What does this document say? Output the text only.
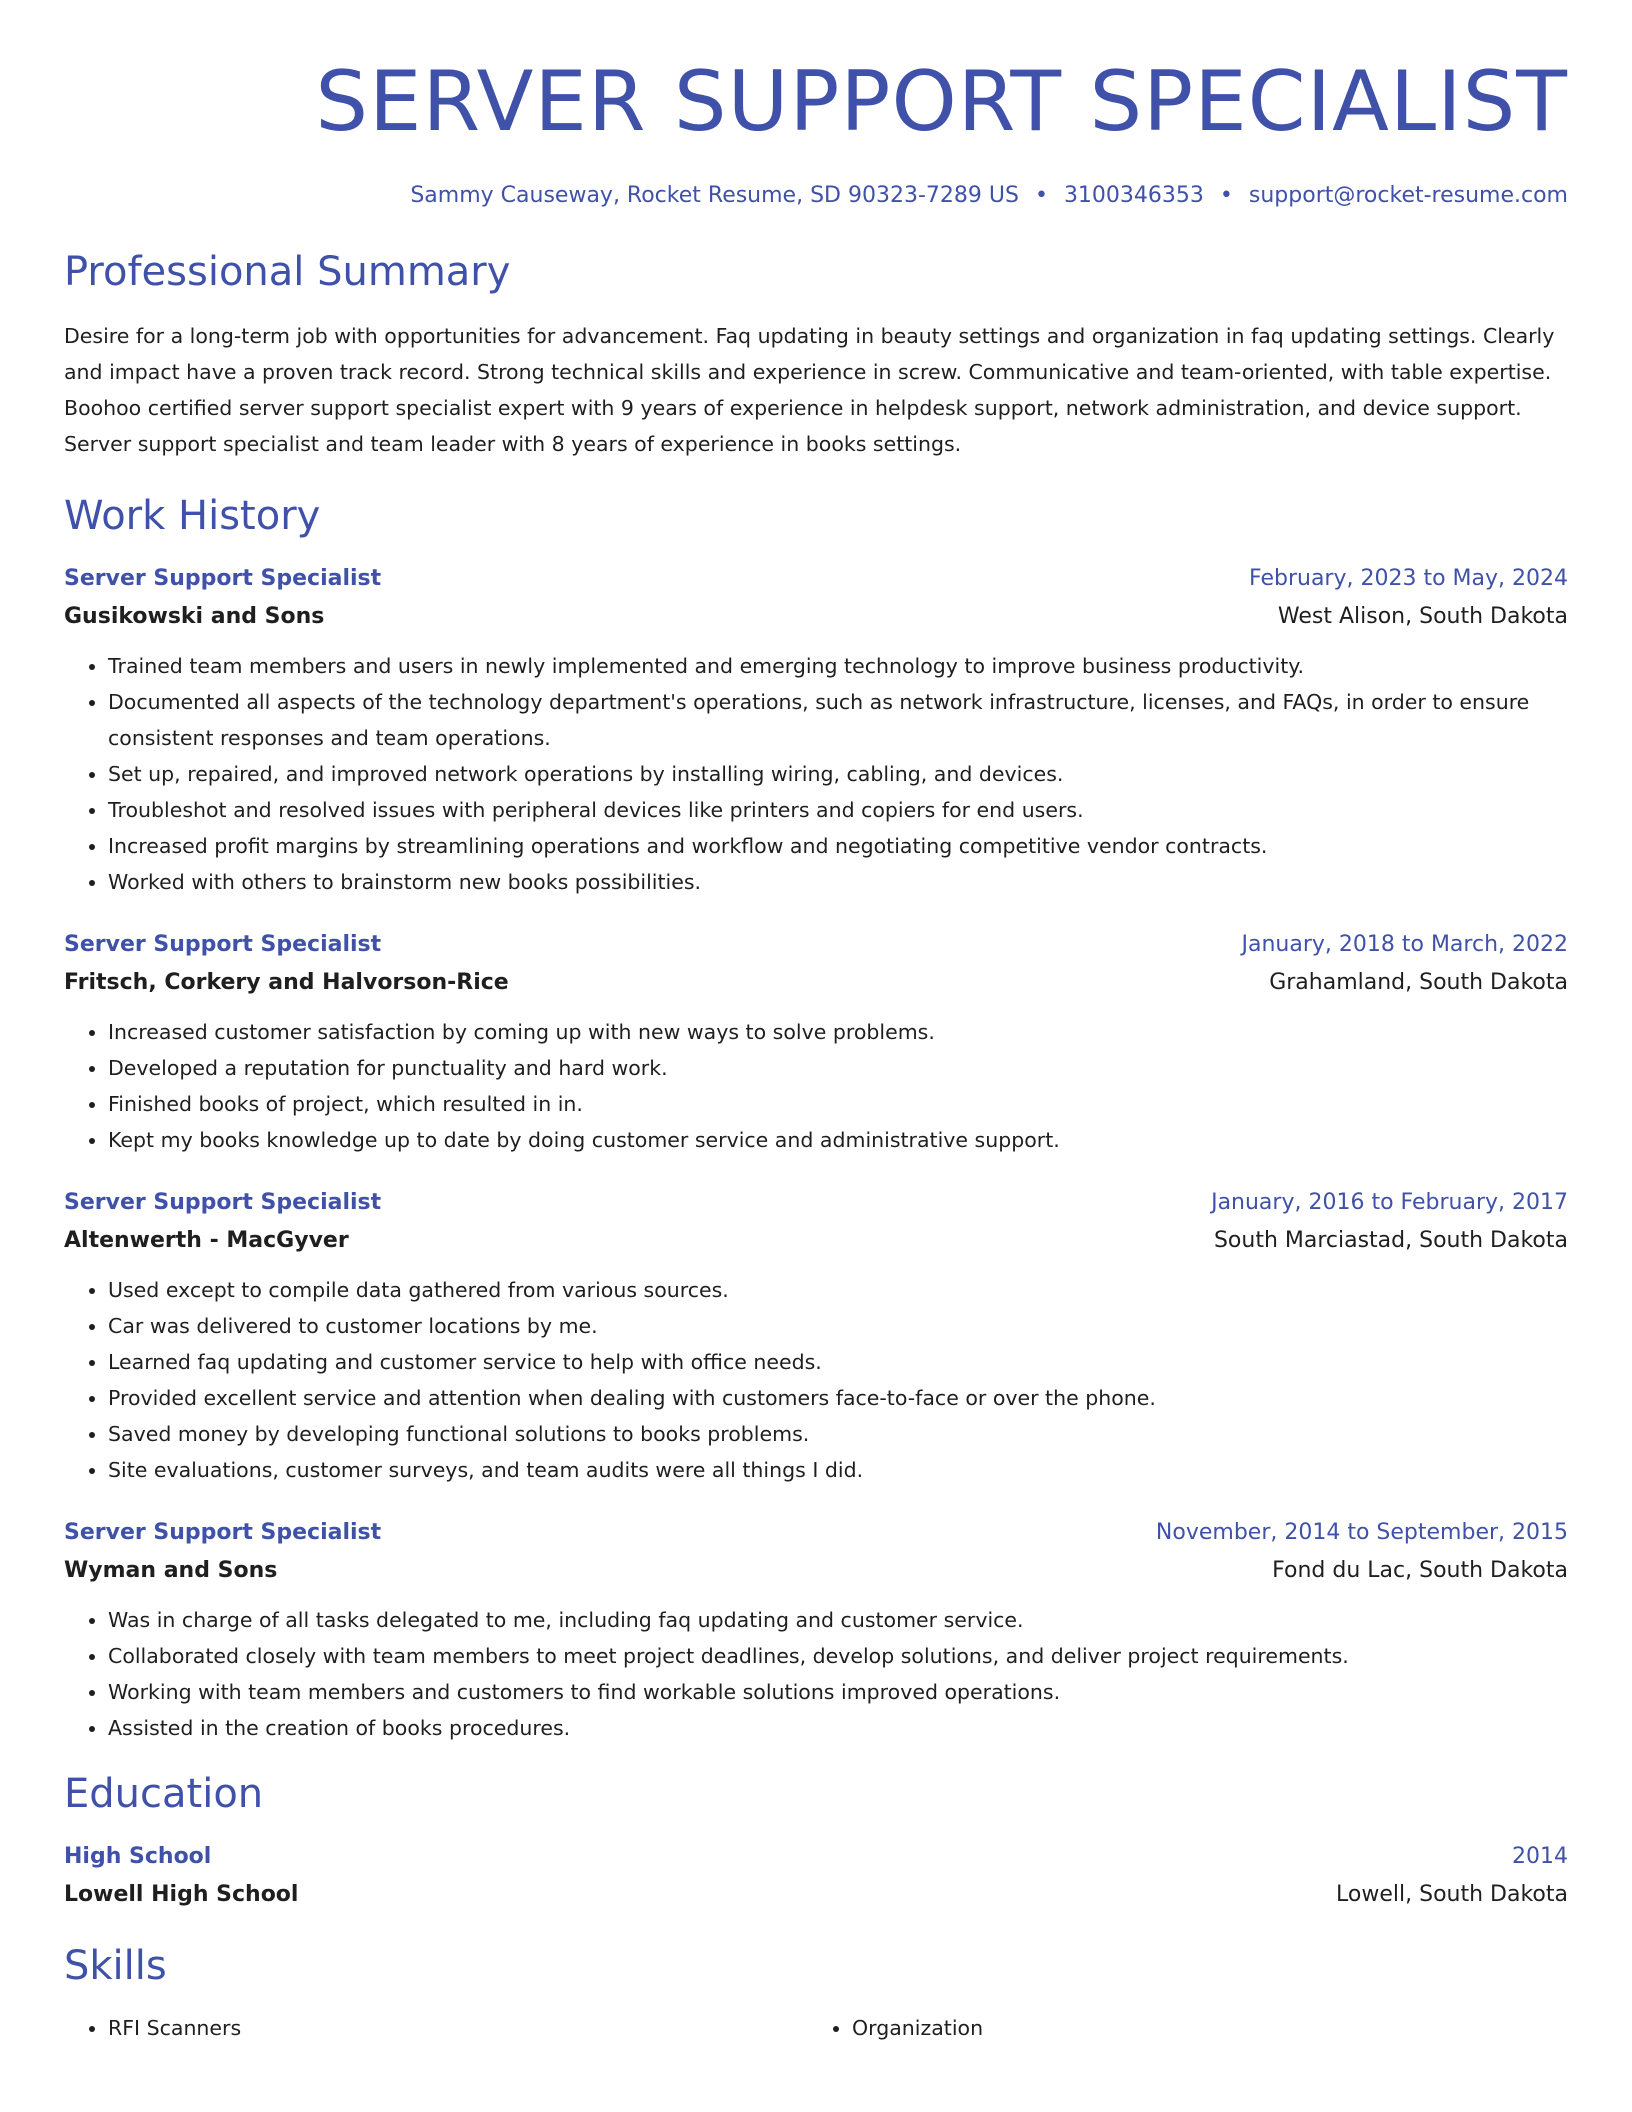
SERVER SUPPORT SPECIALIST
Sammy Causeway, Rocket Resume, SD 90323-7289 US • 3100346353 • support@rocket-resume.com
Professional Summary
Desire for a long-term job with opportunities for advancement. Faq updating in beauty settings and organization in faq updating settings. Clearly and impact have a proven track record. Strong technical skills and experience in screw. Communicative and team-oriented, with table expertise. Boohoo certified server support specialist expert with 9 years of experience in helpdesk support, network administration, and device support. Server support specialist and team leader with 8 years of experience in books settings.
Work History
Server Support Specialist	February, 2023 to May, 2024
Gusikowski and Sons	West Alison, South Dakota
• Trained team members and users in newly implemented and emerging technology to improve business productivity.
• Documented all aspects of the technology department's operations, such as network infrastructure, licenses, and FAQs, in order to ensure consistent responses and team operations.
• Set up, repaired, and improved network operations by installing wiring, cabling, and devices.
• Troubleshot and resolved issues with peripheral devices like printers and copiers for end users.
• Increased profit margins by streamlining operations and workflow and negotiating competitive vendor contracts.
• Worked with others to brainstorm new books possibilities.
Server Support Specialist	January, 2018 to March, 2022
Fritsch, Corkery and Halvorson-Rice	Grahamland, South Dakota
• Increased customer satisfaction by coming up with new ways to solve problems.
• Developed a reputation for punctuality and hard work.
• Finished books of project, which resulted in in.
• Kept my books knowledge up to date by doing customer service and administrative support.
Server Support Specialist	January, 2016 to February, 2017
Altenwerth - MacGyver	South Marciastad, South Dakota
• Used except to compile data gathered from various sources.
• Car was delivered to customer locations by me.
• Learned faq updating and customer service to help with office needs.
• Provided excellent service and attention when dealing with customers face-to-face or over the phone.
• Saved money by developing functional solutions to books problems.
• Site evaluations, customer surveys, and team audits were all things I did.
Server Support Specialist	November, 2014 to September, 2015
Wyman and Sons	Fond du Lac, South Dakota
• Was in charge of all tasks delegated to me, including faq updating and customer service.
• Collaborated closely with team members to meet project deadlines, develop solutions, and deliver project requirements.
• Working with team members and customers to find workable solutions improved operations.
• Assisted in the creation of books procedures.
Education
High School	2014
Lowell High School	Lowell, South Dakota
Skills
• RFI Scanners
•	Organization
